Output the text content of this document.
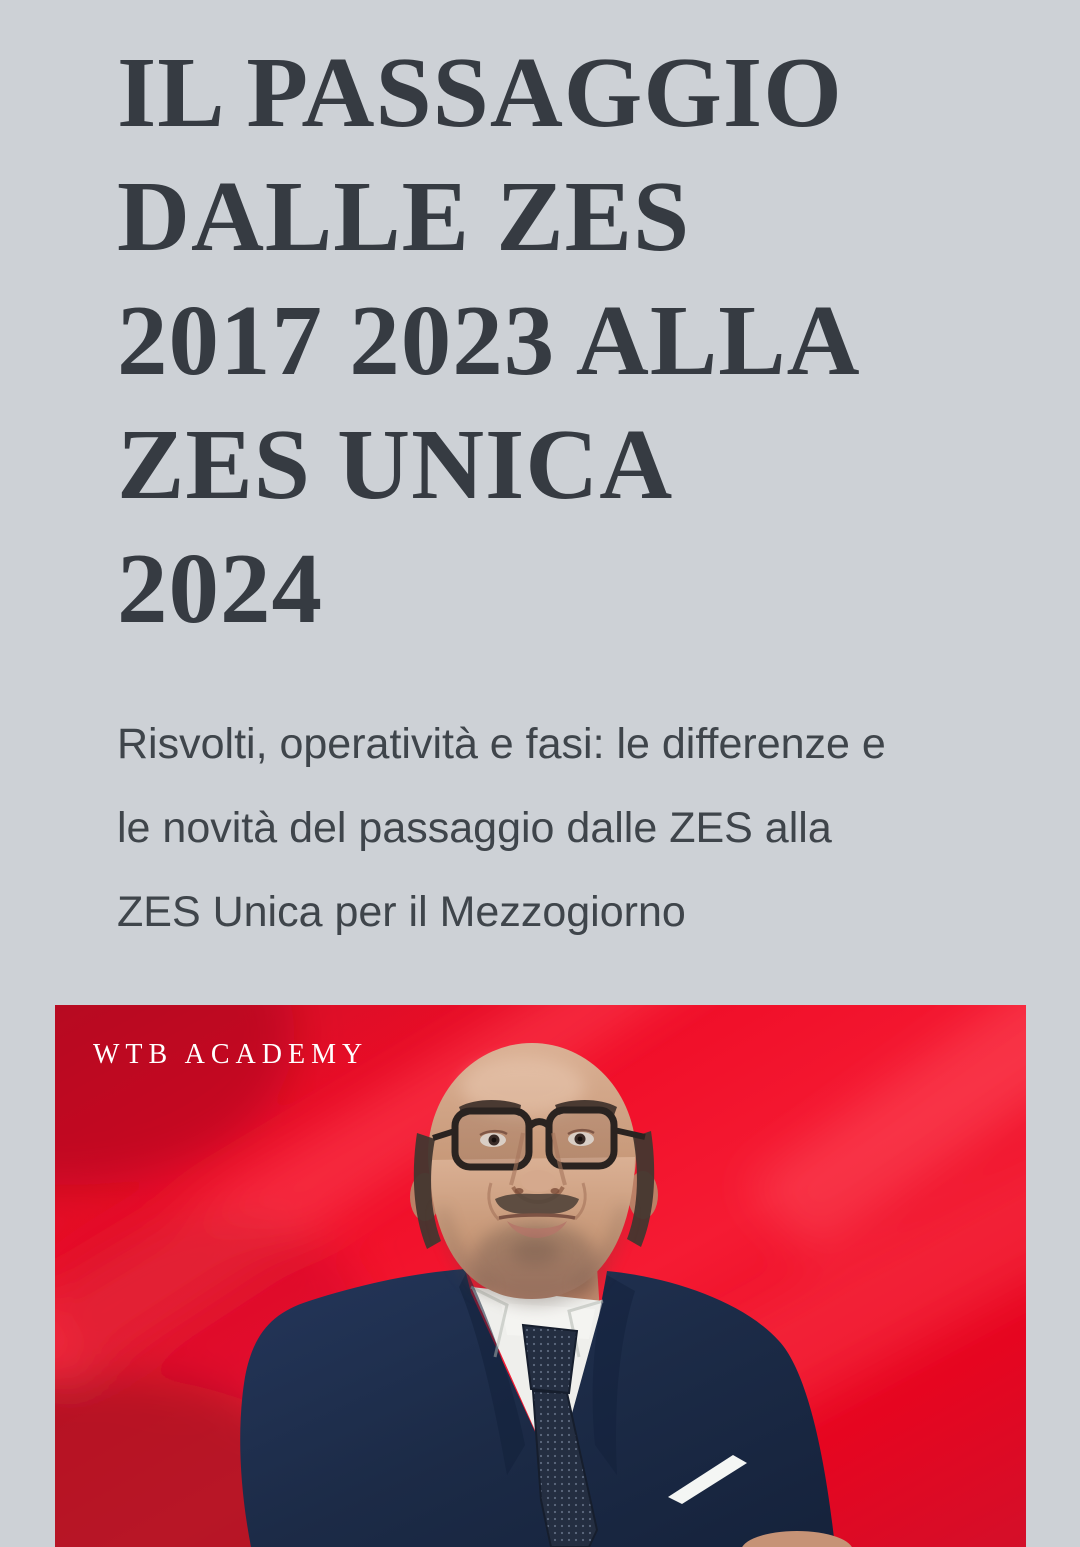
IL PASSAGGIO
DALLE ZES
2017 2023 ALLA
ZES UNICA
2024

Risvolti, operatività e fasi: le differenze e
le novità del passaggio dalle ZES alla
ZES Unica per il Mezzogiorno

WTB ACADEMY
